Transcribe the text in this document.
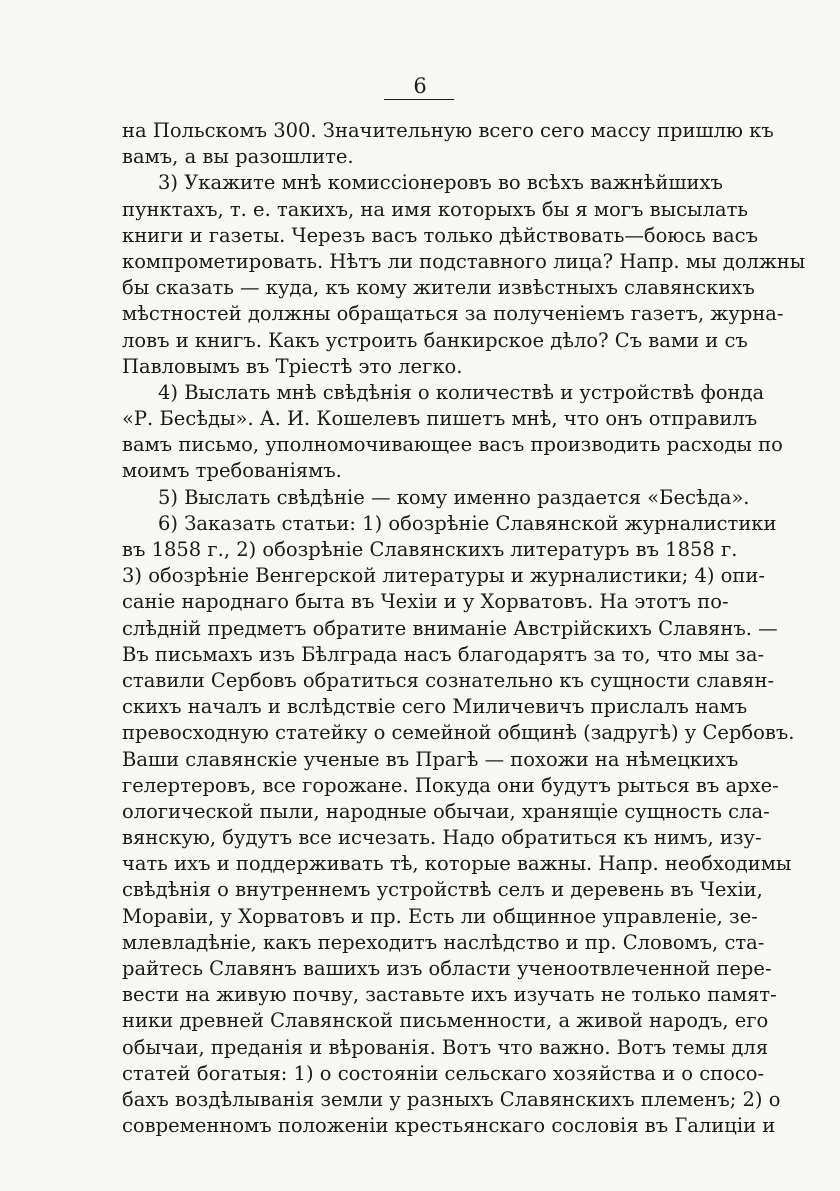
6
на Польскомъ 300. Значительную всего сего массу пришлю къ
вамъ, а вы разошлите.
3) Укажите мнѣ комиссіонеровъ во всѣхъ важнѣйшихъ
пунктахъ, т. е. такихъ, на имя которыхъ бы я могъ высылать
книги и газеты. Черезъ васъ только дѣйствовать—боюсь васъ
компрометировать. Нѣтъ ли подставного лица? Напр. мы должны
бы сказать — куда, къ кому жители извѣстныхъ славянскихъ
мѣстностей должны обращаться за полученіемъ газетъ, журна-
ловъ и книгъ. Какъ устроить банкирское дѣло? Съ вами и съ
Павловымъ въ Тріестѣ это легко.
4) Выслать мнѣ свѣдѣнія о количествѣ и устройствѣ фонда
«Р. Бесѣды». А. И. Кошелевъ пишетъ мнѣ, что онъ отправилъ
вамъ письмо, уполномочивающее васъ производить расходы по
моимъ требованіямъ.
5) Выслать свѣдѣніе — кому именно раздается «Бесѣда».
6) Заказать статьи: 1) обозрѣніе Славянской журналистики
въ 1858 г., 2) обозрѣніе Славянскихъ литературъ въ 1858 г.
3) обозрѣніе Венгерской литературы и журналистики; 4) опи-
саніе народнаго быта въ Чехіи и у Хорватовъ. На этотъ по-
слѣдній предметъ обратите вниманіе Австрійскихъ Славянъ. —
Въ письмахъ изъ Бѣлграда насъ благодарятъ за то, что мы за-
ставили Сербовъ обратиться сознательно къ сущности славян-
скихъ началъ и вслѣдствіе сего Миличевичъ прислалъ намъ
превосходную статейку о семейной общинѣ (задругѣ) у Сербовъ.
Ваши славянскіе ученые въ Прагѣ — похожи на нѣмецкихъ
гелертеровъ, все горожане. Покуда они будутъ рыться въ архе-
ологической пыли, народные обычаи, хранящіе сущность сла-
вянскую, будутъ все исчезать. Надо обратиться къ нимъ, изу-
чать ихъ и поддерживать тѣ, которые важны. Напр. необходимы
свѣдѣнія о внутреннемъ устройствѣ селъ и деревень въ Чехіи,
Моравіи, у Хорватовъ и пр. Есть ли общинное управленіе, зе-
млевладѣніе, какъ переходитъ наслѣдство и пр. Словомъ, ста-
райтесь Славянъ вашихъ изъ области ученоотвлеченной пере-
вести на живую почву, заставьте ихъ изучать не только памят-
ники древней Славянской письменности, а живой народъ, его
обычаи, преданія и вѣрованія. Вотъ что важно. Вотъ темы для
статей богатыя: 1) о состояніи сельскаго хозяйства и о спосо-
бахъ воздѣлыванія земли у разныхъ Славянскихъ племенъ; 2) о
современномъ положеніи крестьянскаго сословія въ Галиціи и
